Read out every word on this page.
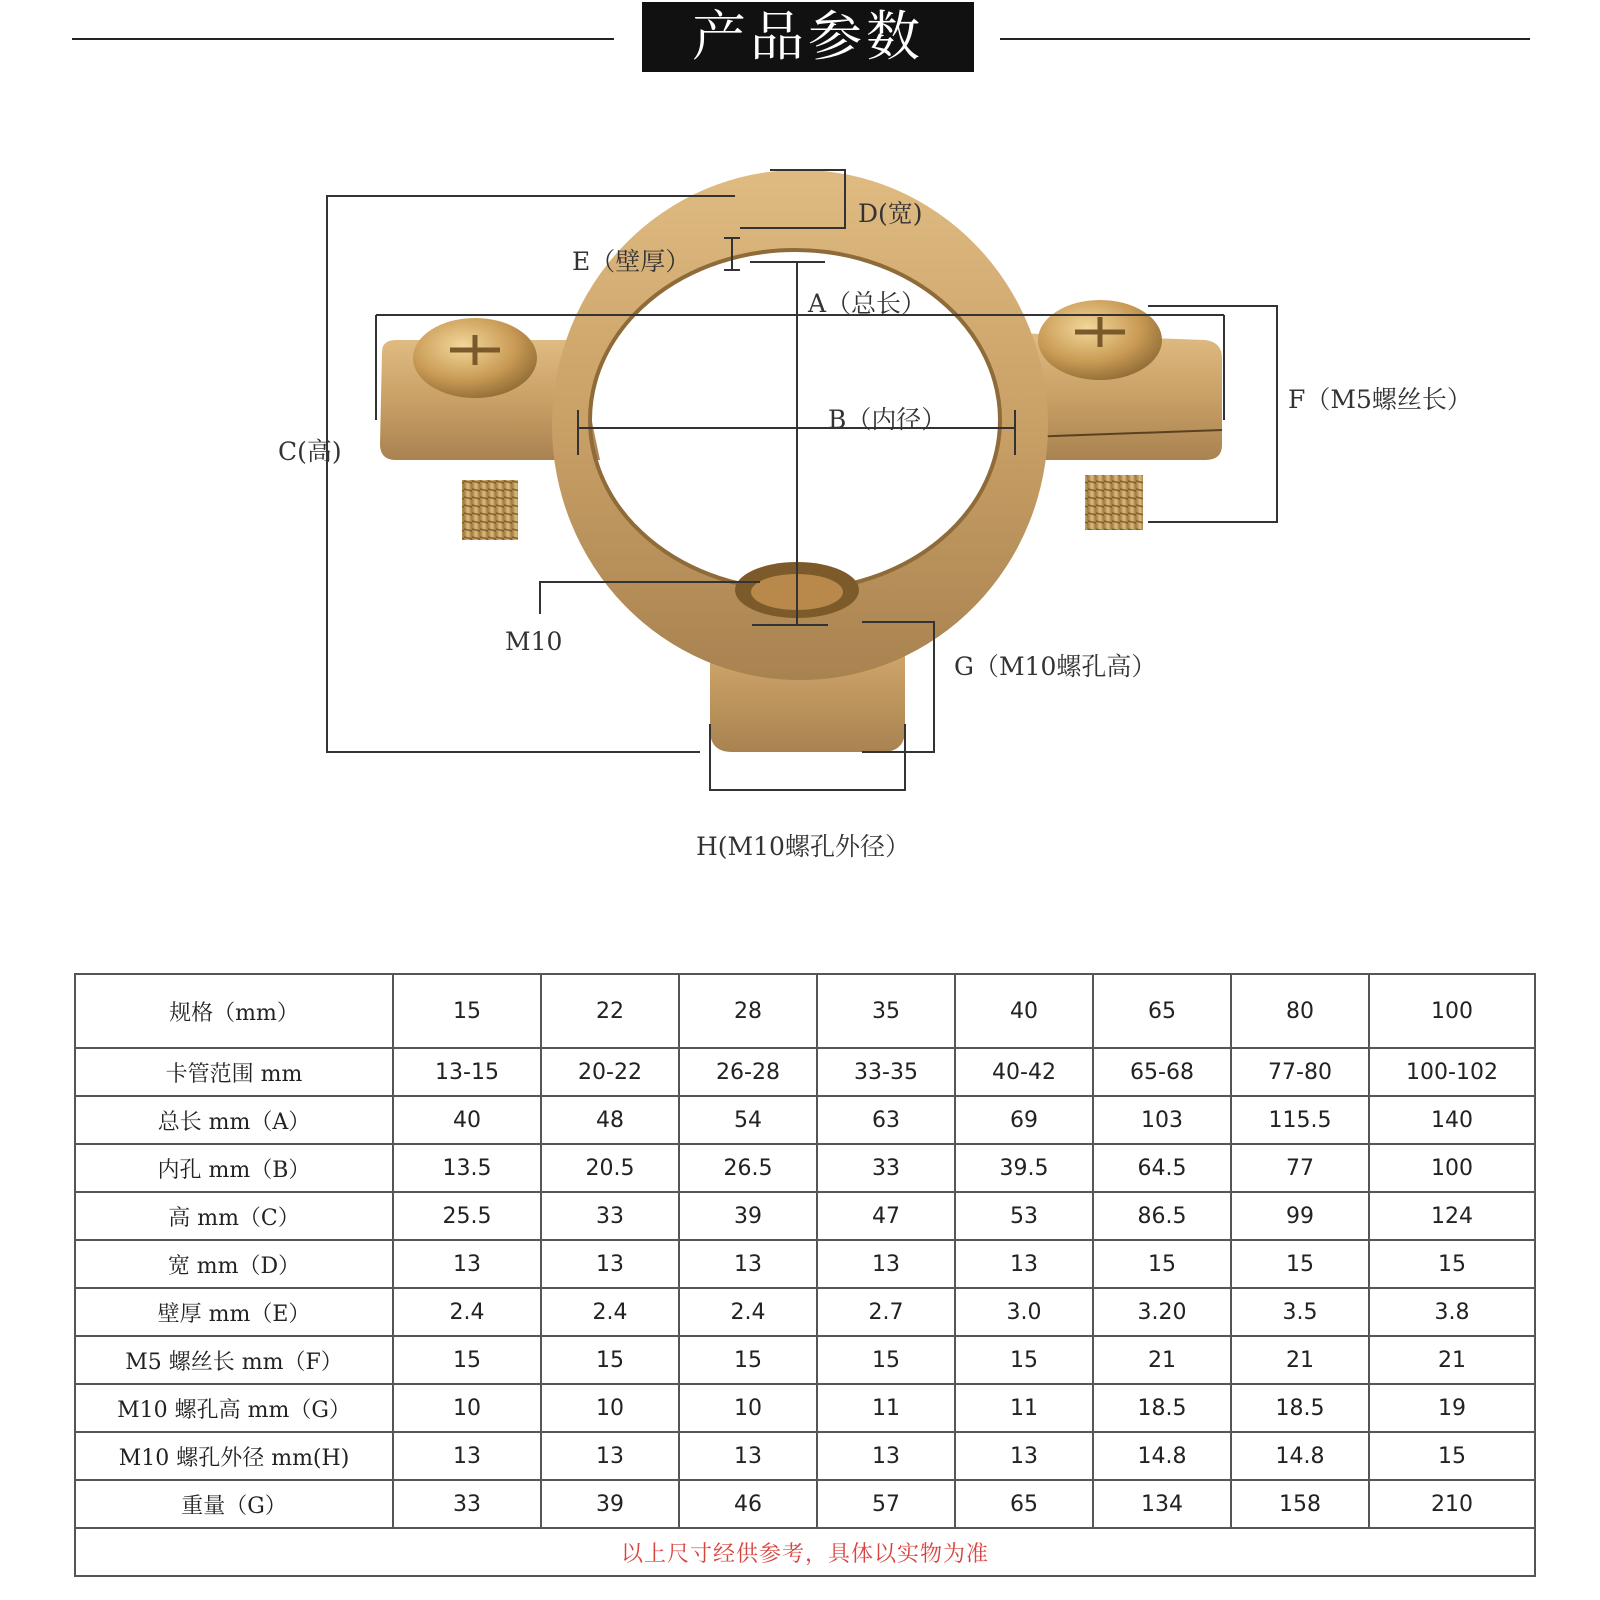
产品参数
D(宽)
E（壁厚）
A（总长）
C(高)
B（内径）
F（M5螺丝长）
M10
G（M10螺孔高）
H(M10螺孔外径）
规格（mm）	15	22	28	35	40	65	80	100
卡管范围 mm	13-15	20-22	26-28	33-35	40-42	65-68	77-80	100-102
总长 mm（A）	40	48	54	63	69	103	115.5	140
内孔 mm（B）	13.5	20.5	26.5	33	39.5	64.5	77	100
高 mm（C）	25.5	33	39	47	53	86.5	99	124
宽 mm（D）	13	13	13	13	13	15	15	15
壁厚 mm（E）	2.4	2.4	2.4	2.7	3.0	3.20	3.5	3.8
M5 螺丝长 mm（F）	15	15	15	15	15	21	21	21
M10 螺孔高 mm（G）	10	10	10	11	11	18.5	18.5	19
M10 螺孔外径 mm(H)	13	13	13	13	13	14.8	14.8	15
重量（G）	33	39	46	57	65	134	158	210
以上尺寸经供参考，具体以实物为准								
